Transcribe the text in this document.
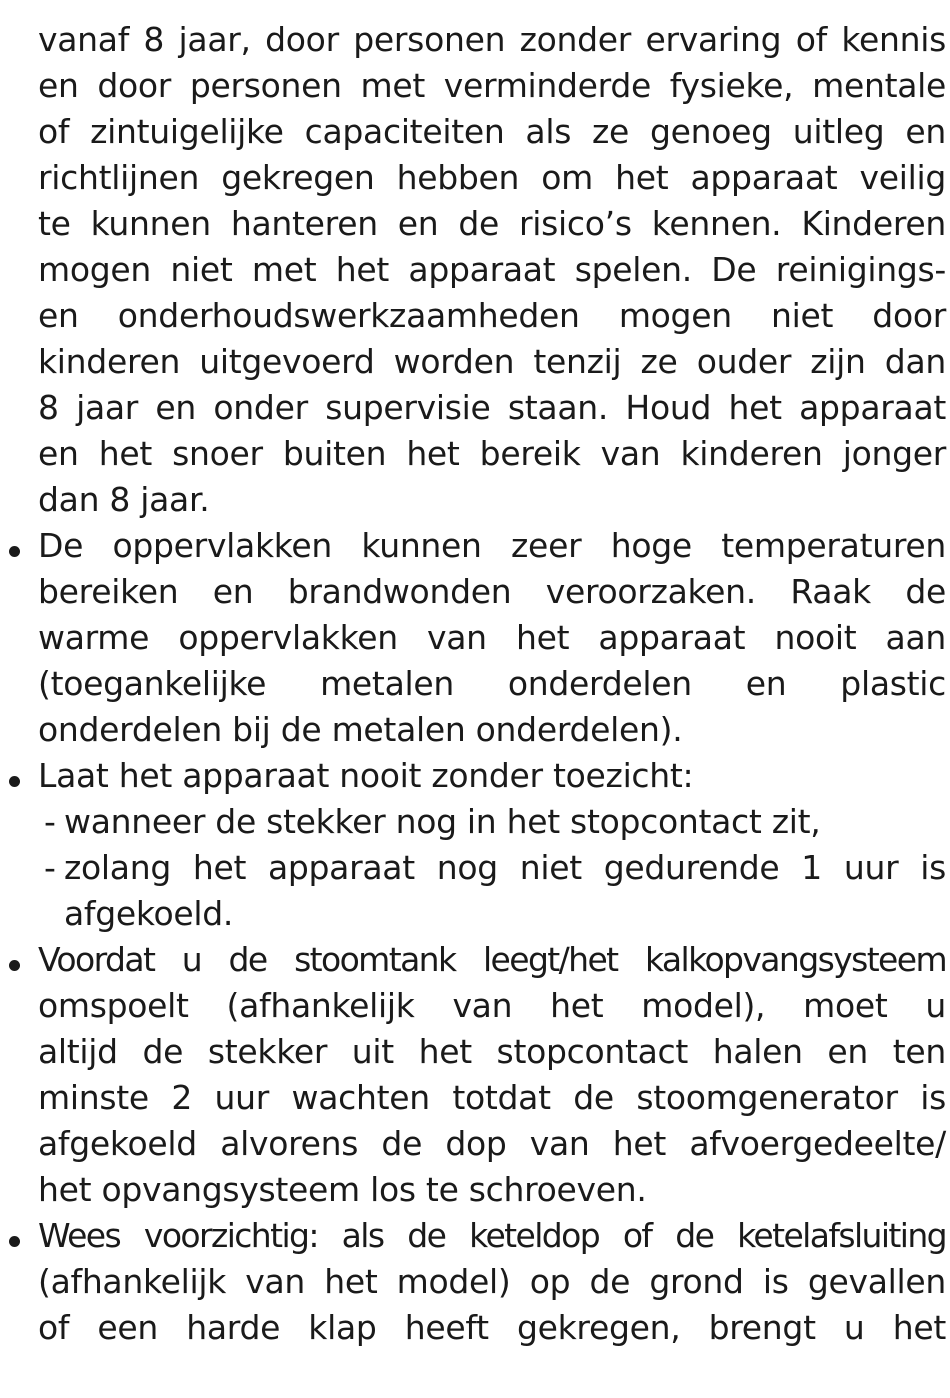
vanaf 8 jaar, door personen zonder ervaring of kennis
en door personen met verminderde fysieke, mentale
of zintuigelijke capaciteiten als ze genoeg uitleg en
richtlijnen gekregen hebben om het apparaat veilig
te kunnen hanteren en de risico’s kennen. Kinderen
mogen niet met het apparaat spelen. De reinigings-
en onderhoudswerkzaamheden mogen niet door
kinderen uitgevoerd worden tenzij ze ouder zijn dan
8 jaar en onder supervisie staan. Houd het apparaat
en het snoer buiten het bereik van kinderen jonger
dan 8 jaar.
De oppervlakken kunnen zeer hoge temperaturen
bereiken en brandwonden veroorzaken. Raak de
warme oppervlakken van het apparaat nooit aan
(toegankelijke metalen onderdelen en plastic
onderdelen bij de metalen onderdelen).
Laat het apparaat nooit zonder toezicht:
- wanneer de stekker nog in het stopcontact zit,
- zolang het apparaat nog niet gedurende 1 uur is
afgekoeld.
Voordat u de stoomtank leegt/het kalkopvangsysteem
omspoelt (afhankelijk van het model), moet u
altijd de stekker uit het stopcontact halen en ten
minste 2 uur wachten totdat de stoomgenerator is
afgekoeld alvorens de dop van het afvoergedeelte/
het opvangsysteem los te schroeven.
Wees voorzichtig: als de keteldop of de ketelafsluiting
(afhankelijk van het model) op de grond is gevallen
of een harde klap heeft gekregen, brengt u het
